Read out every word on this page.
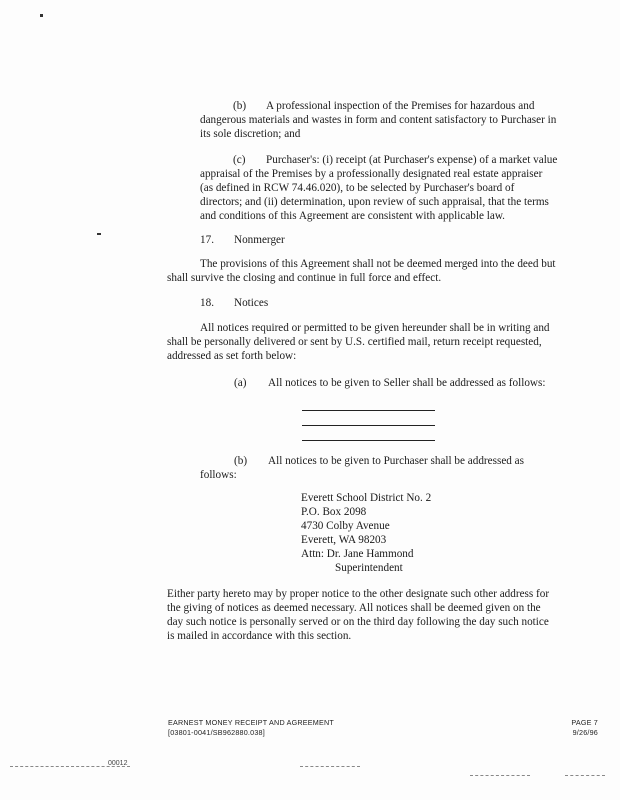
(b) A professional inspection of the Premises for hazardous and
dangerous materials and wastes in form and content satisfactory to Purchaser in
its sole discretion; and
(c) Purchaser's: (i) receipt (at Purchaser's expense) of a market value
appraisal of the Premises by a professionally designated real estate appraiser
(as defined in RCW 74.46.020), to be selected by Purchaser's board of
directors; and (ii) determination, upon review of such appraisal, that the terms
and conditions of this Agreement are consistent with applicable law.
17. Nonmerger
The provisions of this Agreement shall not be deemed merged into the deed but
shall survive the closing and continue in full force and effect.
18. Notices
All notices required or permitted to be given hereunder shall be in writing and
shall be personally delivered or sent by U.S. certified mail, return receipt requested,
addressed as set forth below:
(a) All notices to be given to Seller shall be addressed as follows:
(b) All notices to be given to Purchaser shall be addressed as
follows:
Everett School District No. 2
P.O. Box 2098
4730 Colby Avenue
Everett, WA 98203
Attn: Dr. Jane Hammond
Superintendent
Either party hereto may by proper notice to the other designate such other address for
the giving of notices as deemed necessary. All notices shall be deemed given on the
day such notice is personally served or on the third day following the day such notice
is mailed in accordance with this section.
EARNEST MONEY RECEIPT AND AGREEMENT
[03801-0041/SB962880.038]
PAGE 7
9/26/96
00012
